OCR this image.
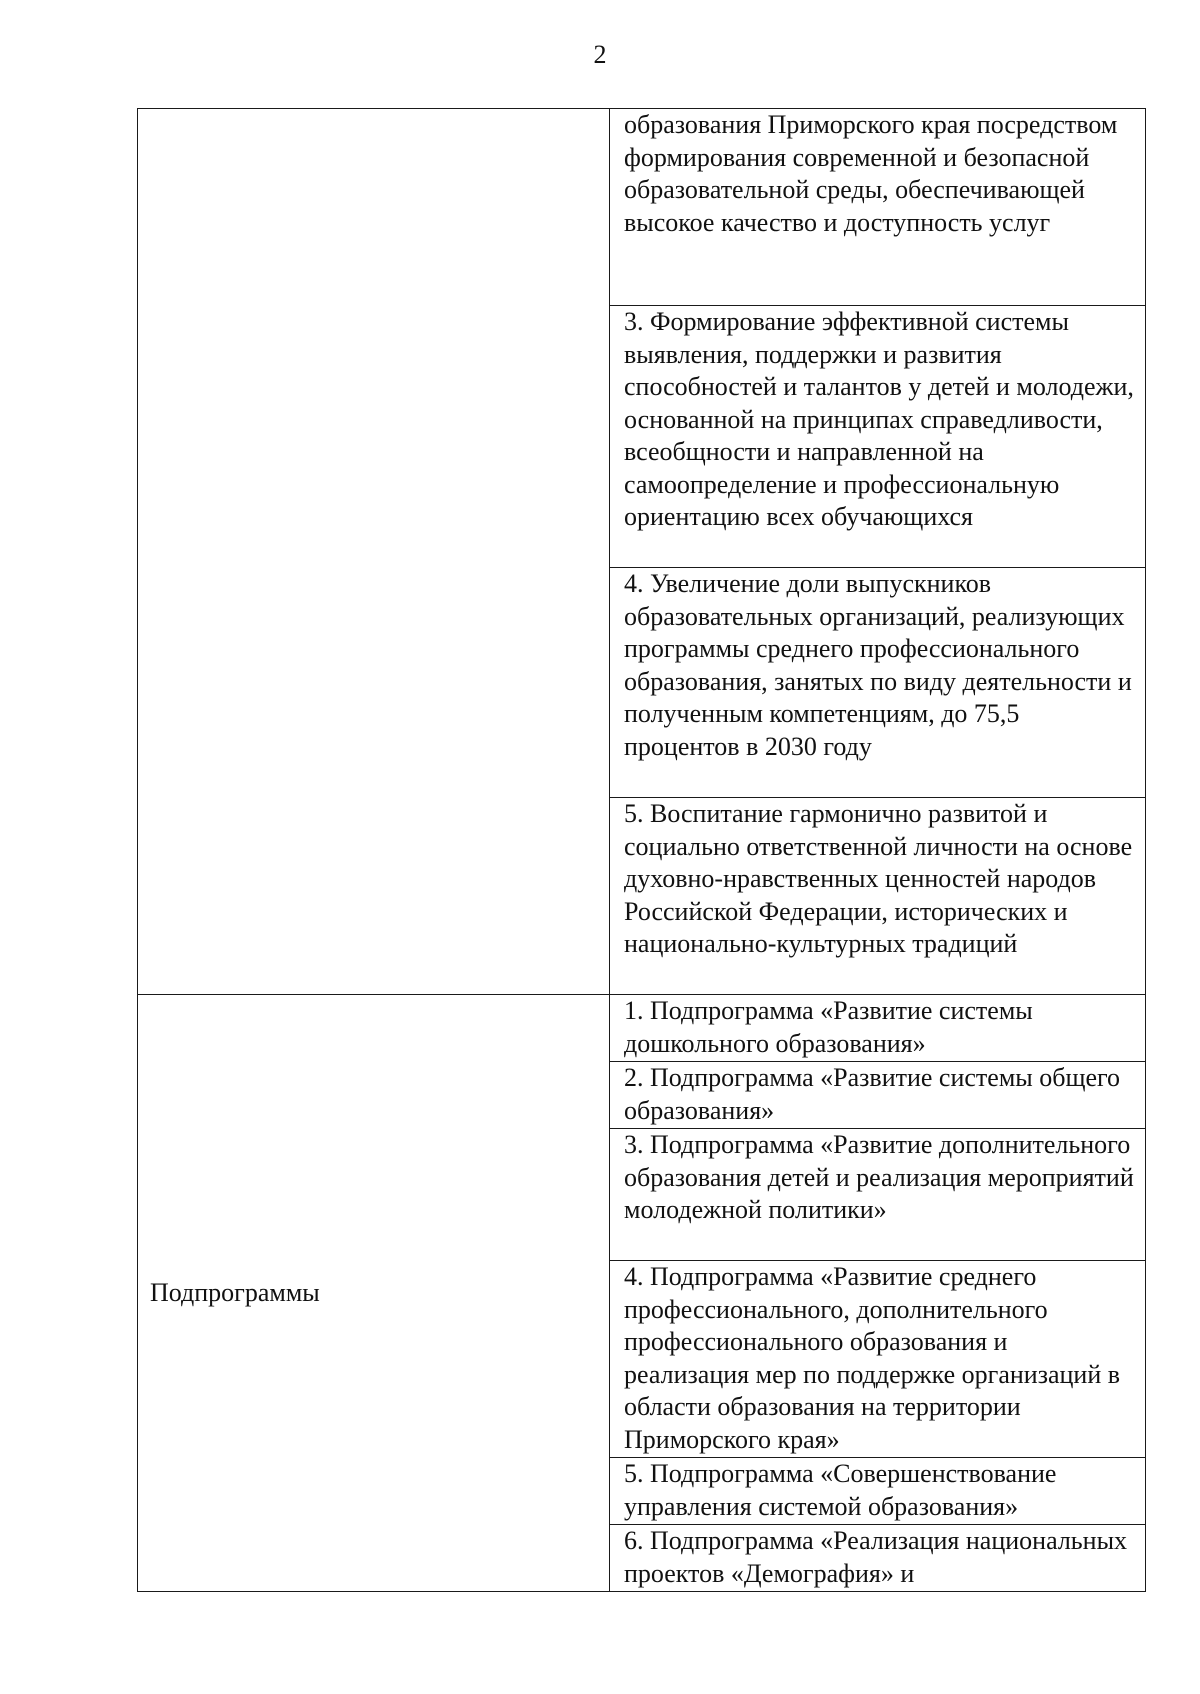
2

	образования Приморского края посредством формирования современной и безопасной образовательной среды, обеспечивающей высокое качество и доступность услуг

	3. Формирование эффективной системы выявления, поддержки и развития способностей и талантов у детей и молодежи, основанной на принципах справедливости, всеобщности и направленной на самоопределение и профессиональную ориентацию всех обучающихся

	4. Увеличение доли выпускников образовательных организаций, реализующих программы среднего профессионального образования, занятых по виду деятельности и полученным компетенциям, до 75,5 процентов в 2030 году

	5. Воспитание гармонично развитой и социально ответственной личности на основе духовно-нравственных ценностей народов Российской Федерации, исторических и национально-культурных традиций

Подпрограммы	1. Подпрограмма «Развитие системы дошкольного образования»

	2. Подпрограмма «Развитие системы общего образования»

	3. Подпрограмма «Развитие дополнительного образования детей и реализация мероприятий молодежной политики»

	4. Подпрограмма «Развитие среднего профессионального, дополнительного профессионального образования и реализация мер по поддержке организаций в области образования на территории Приморского края»

	5. Подпрограмма «Совершенствование управления системой образования»

	6. Подпрограмма «Реализация национальных проектов «Демография» и
